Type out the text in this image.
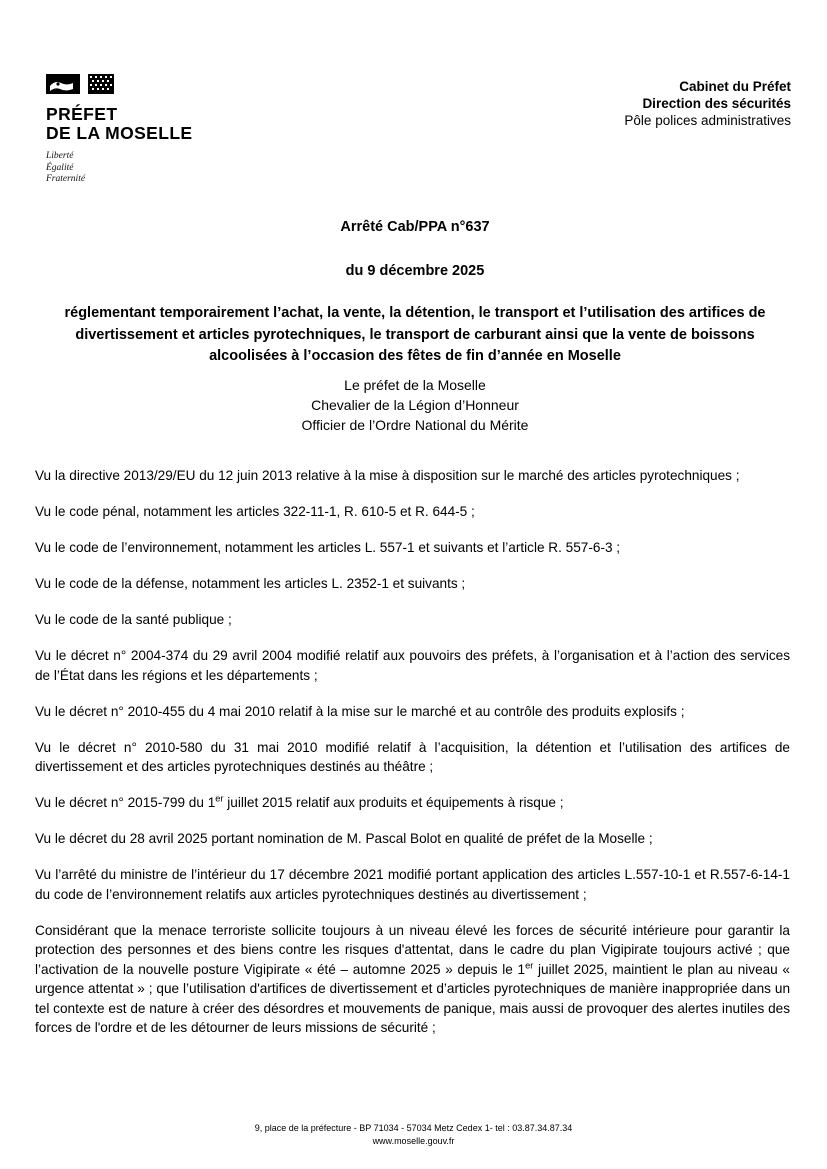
PRÉFET
DE LA MOSELLE
Liberté
Égalité
Fraternité
Cabinet du Préfet
Direction des sécurités
Pôle polices administratives
Arrêté Cab/PPA n°637
du 9 décembre 2025
réglementant temporairement l’achat, la vente, la détention, le transport et l’utilisation des artifices de divertissement et articles pyrotechniques, le transport de carburant ainsi que la vente de boissons alcoolisées à l’occasion des fêtes de fin d’année en Moselle
Le préfet de la Moselle
Chevalier de la Légion d’Honneur
Officier de l’Ordre National du Mérite

Vu la directive 2013/29/EU du 12 juin 2013 relative à la mise à disposition sur le marché des articles pyrotechniques ;

Vu le code pénal, notamment les articles 322-11-1, R. 610-5 et R. 644-5 ;

Vu le code de l’environnement, notamment les articles L. 557-1 et suivants et l’article R. 557-6-3 ;

Vu le code de la défense, notamment les articles L. 2352-1 et suivants ;

Vu le code de la santé publique ;

Vu le décret n° 2004-374 du 29 avril 2004 modifié relatif aux pouvoirs des préfets, à l’organisation et à l’action des services de l’État dans les régions et les départements ;

Vu le décret n° 2010-455 du 4 mai 2010 relatif à la mise sur le marché et au contrôle des produits explosifs ;

Vu le décret n° 2010-580 du 31 mai 2010 modifié relatif à l’acquisition, la détention et l’utilisation des artifices de divertissement et des articles pyrotechniques destinés au théâtre ;

Vu le décret n° 2015-799 du 1er juillet 2015 relatif aux produits et équipements à risque ;

Vu le décret du 28 avril 2025 portant nomination de M. Pascal Bolot en qualité de préfet de la Moselle ;

Vu l’arrêté du ministre de l’intérieur du 17 décembre 2021 modifié portant application des articles L.557-10-1 et R.557-6-14-1 du code de l’environnement relatifs aux articles pyrotechniques destinés au divertissement ;

Considérant que la menace terroriste sollicite toujours à un niveau élevé les forces de sécurité intérieure pour garantir la protection des personnes et des biens contre les risques d'attentat, dans le cadre du plan Vigipirate toujours activé ; que l’activation de la nouvelle posture Vigipirate « été – automne 2025 » depuis le 1er juillet 2025, maintient le plan au niveau « urgence attentat » ; que l’utilisation d'artifices de divertissement et d’articles pyrotechniques de manière inappropriée dans un tel contexte est de nature à créer des désordres et mouvements de panique, mais aussi de provoquer des alertes inutiles des forces de l'ordre et de les détourner de leurs missions de sécurité ;

9, place de la préfecture - BP 71034 - 57034 Metz Cedex 1- tel : 03.87.34.87.34
www.moselle.gouv.fr
